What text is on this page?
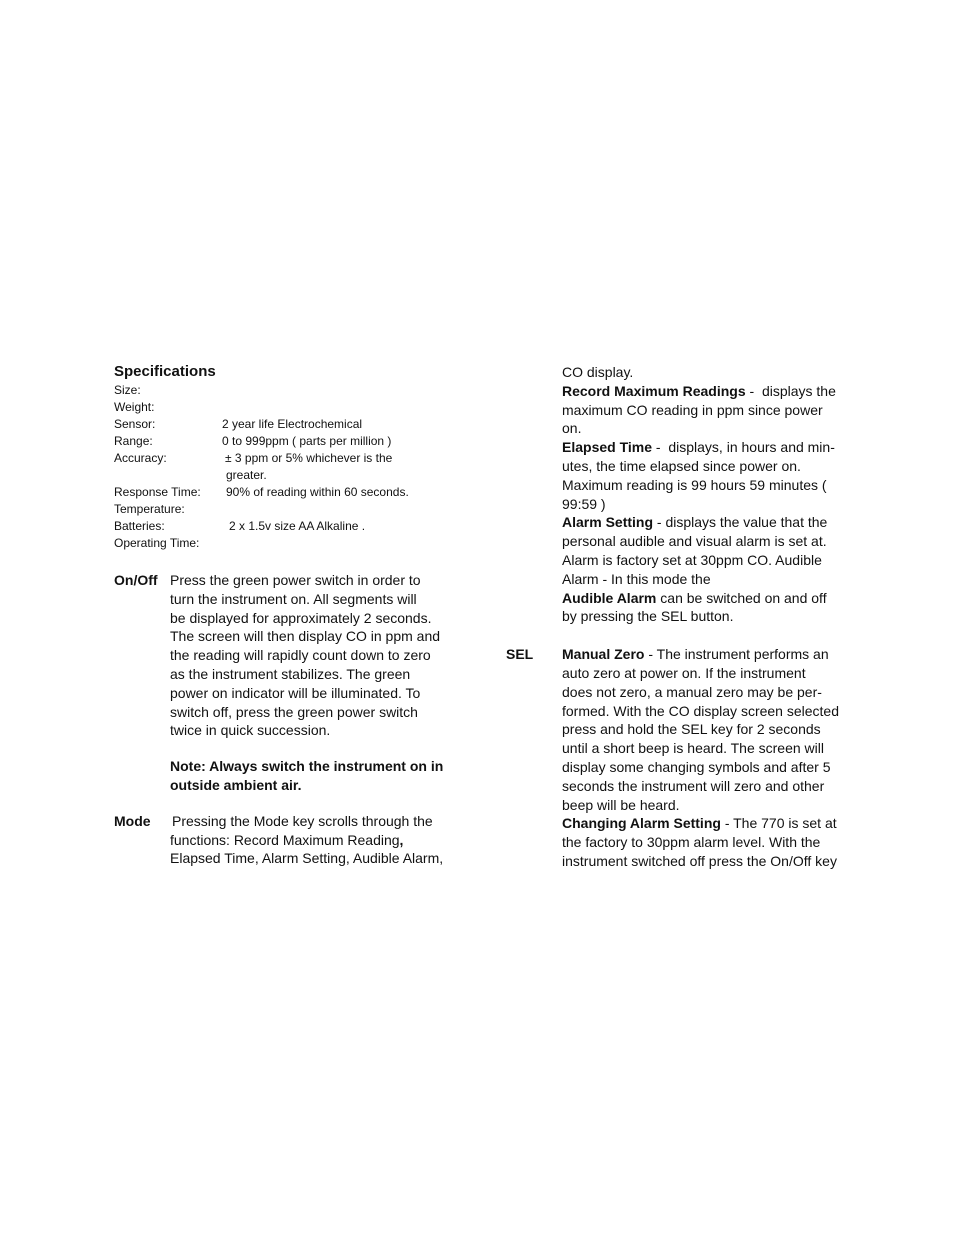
Specifications
Size:
Weight:
Sensor:	2 year life Electrochemical
Range:	0 to 999ppm ( parts per million )
Accuracy:	± 3 ppm or 5% whichever is the
greater.
Response Time: 90% of reading within 60 seconds.
Temperature:
Batteries:	2 x 1.5v size AA Alkaline .
Operating Time:
On/Off Press the green power switch in order to
turn the instrument on. All segments will
be displayed for approximately 2 seconds.
The screen will then display CO in ppm and
the reading will rapidly count down to zero
as the instrument stabilizes. The green
power on indicator will be illuminated. To
switch off, press the green power switch
twice in quick succession.
Note: Always switch the instrument on in
outside ambient air.
Mode Pressing the Mode key scrolls through the
functions: Record Maximum Reading,
Elapsed Time, Alarm Setting, Audible Alarm,
CO display.
Record Maximum Readings -  displays the
maximum CO reading in ppm since power
on.
Elapsed Time -  displays, in hours and min-
utes, the time elapsed since power on.
Maximum reading is 99 hours 59 minutes (
99:59 )
Alarm Setting - displays the value that the
personal audible and visual alarm is set at.
Alarm is factory set at 30ppm CO. Audible
Alarm - In this mode the
Audible Alarm can be switched on and off
by pressing the SEL button.
SEL Manual Zero - The instrument performs an
auto zero at power on. If the instrument
does not zero, a manual zero may be per-
formed. With the CO display screen selected
press and hold the SEL key for 2 seconds
until a short beep is heard. The screen will
display some changing symbols and after 5
seconds the instrument will zero and other
beep will be heard.
Changing Alarm Setting - The 770 is set at
the factory to 30ppm alarm level. With the
instrument switched off press the On/Off key
